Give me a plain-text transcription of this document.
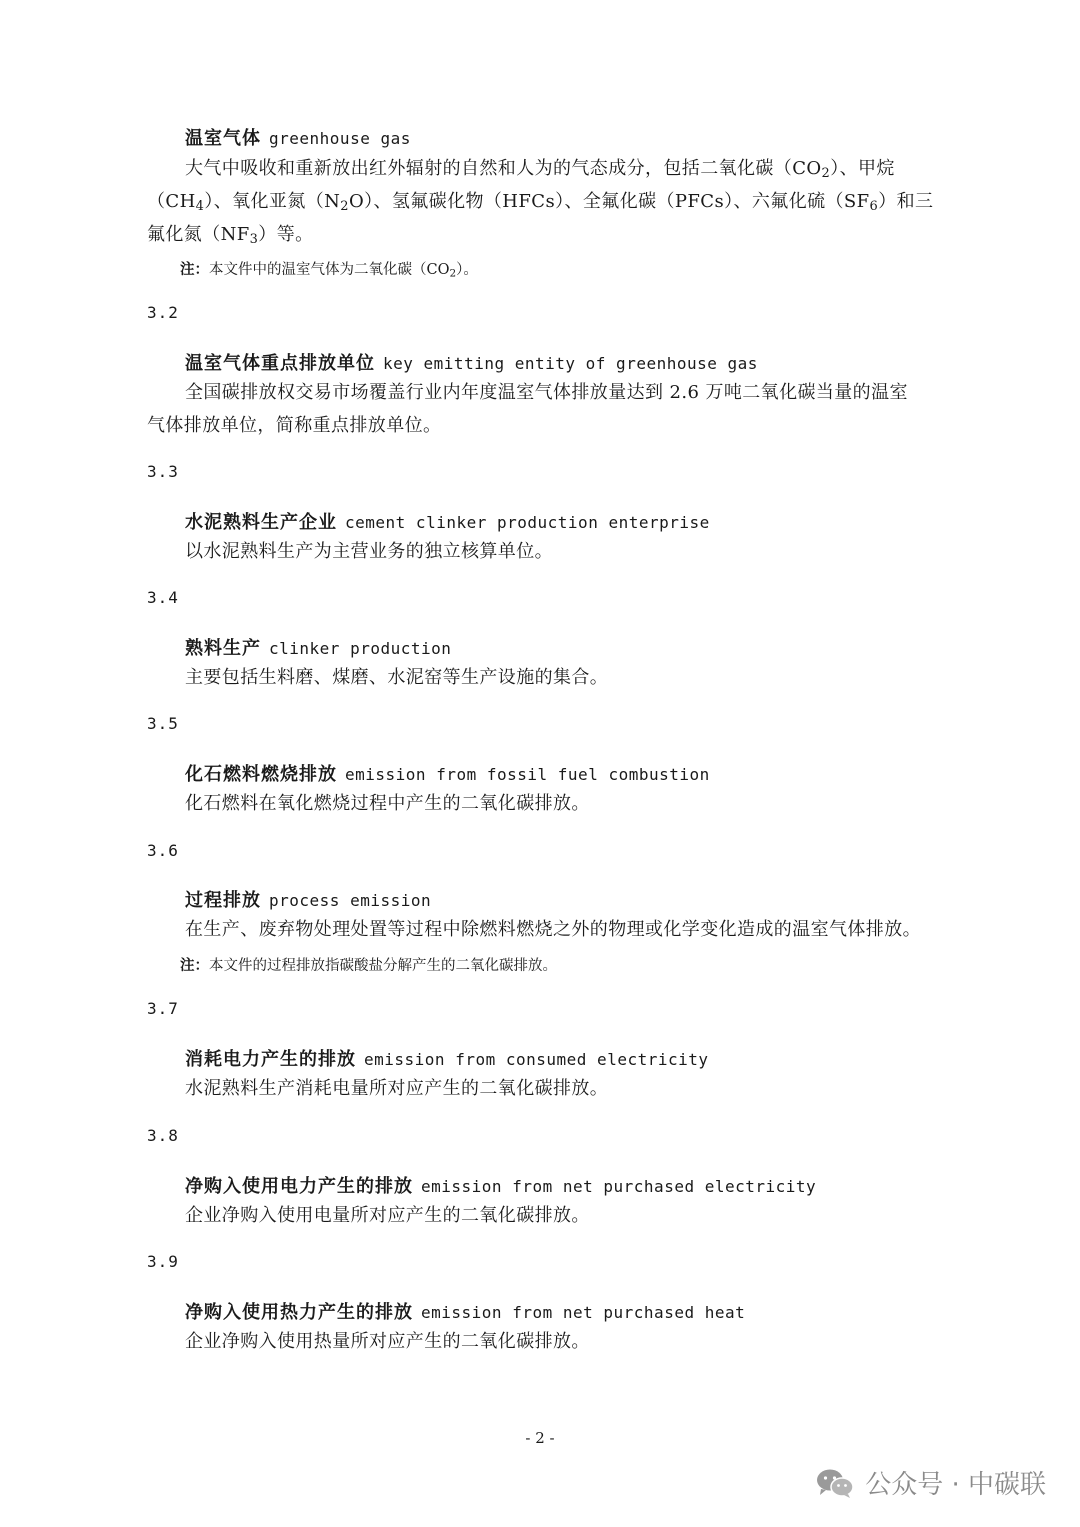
温室气体 greenhouse gas
大气中吸收和重新放出红外辐射的自然和人为的气态成分，包括二氧化碳$(CO_2)$、甲烷
$(CH_4)$、氧化亚氮$(N_2O)$、氢氟碳化物（HFCs）、全氟化碳（PFCs）、六氟化硫$(SF_6)$和三
氟化氮$(NF_3)$等。
注：本文件中的温室气体为二氧化碳$(CO_2)$。
3.2
温室气体重点排放单位 key emitting entity of greenhouse gas
全国碳排放权交易市场覆盖行业内年度温室气体排放量达到 2.6 万吨二氧化碳当量的温室
气体排放单位，简称重点排放单位。
3.3
水泥熟料生产企业 cement clinker production enterprise
以水泥熟料生产为主营业务的独立核算单位。
3.4
熟料生产 clinker production
主要包括生料磨、煤磨、水泥窑等生产设施的集合。
3.5
化石燃料燃烧排放 emission from fossil fuel combustion
化石燃料在氧化燃烧过程中产生的二氧化碳排放。
3.6
过程排放 process emission
在生产、废弃物处理处置等过程中除燃料燃烧之外的物理或化学变化造成的温室气体排放。
注：本文件的过程排放指碳酸盐分解产生的二氧化碳排放。
3.7
消耗电力产生的排放 emission from consumed electricity
水泥熟料生产消耗电量所对应产生的二氧化碳排放。
3.8
净购入使用电力产生的排放 emission from net purchased electricity
企业净购入使用电量所对应产生的二氧化碳排放。
3.9
净购入使用热力产生的排放 emission from net purchased heat
企业净购入使用热量所对应产生的二氧化碳排放。
- 2 -
公众号 · 中碳联
